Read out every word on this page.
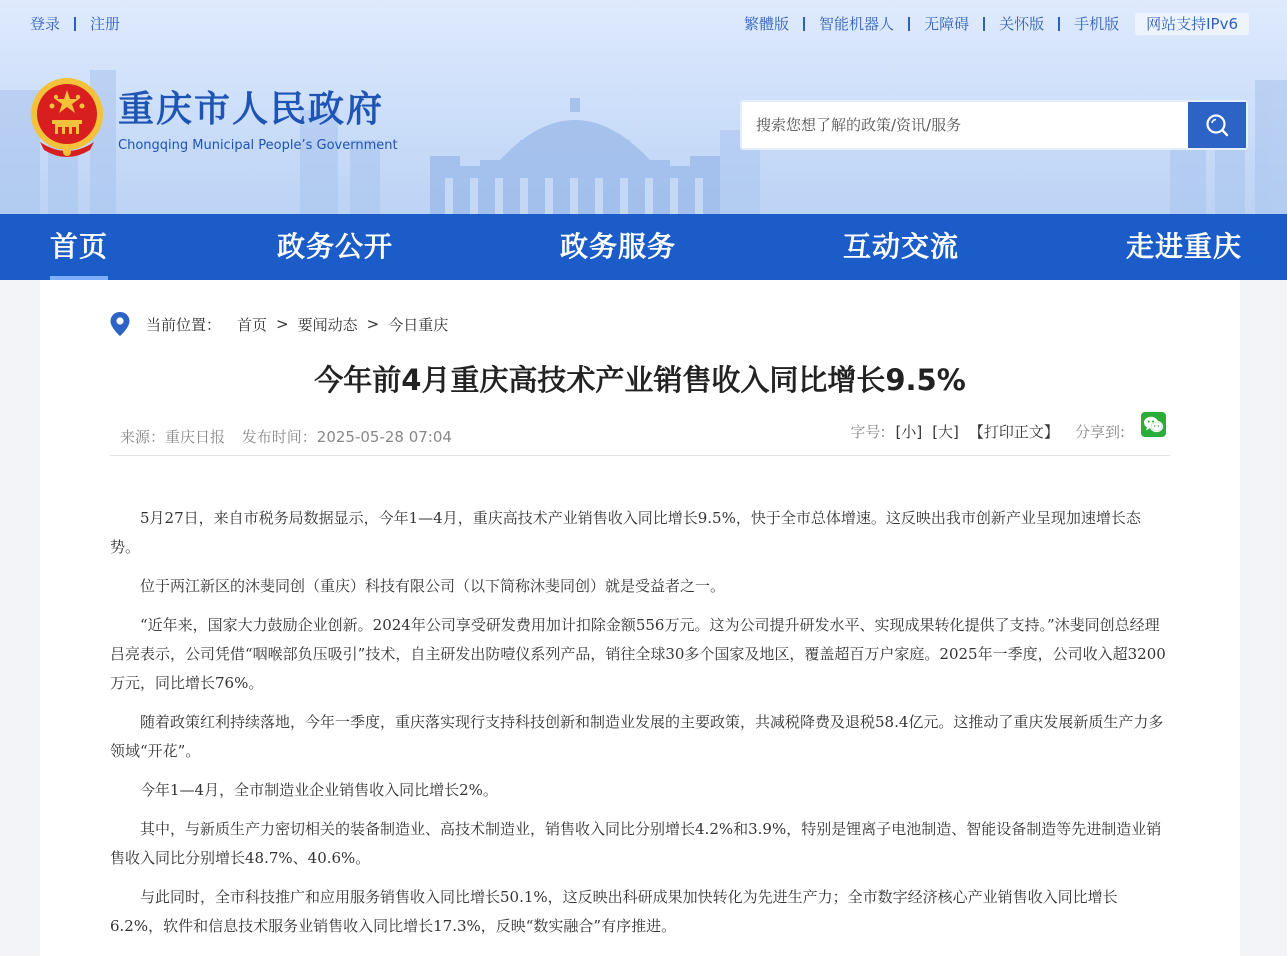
登录 注册	繁體版 智能机器人 无障碍 关怀版 手机版	网站支持IPv6
重庆市人民政府
Chongqing Municipal People’s Government
搜索您想了解的政策/资讯/服务
首页	政务公开	政务服务	互动交流	走进重庆
当前位置： 首页 > 要闻动态 > 今日重庆
今年前4月重庆高技术产业销售收入同比增长9.5%
来源：重庆日报 发布时间：2025-05-28 07:04	字号: [小] [大] 【打印正文】 分享到:

5月27日，来自市税务局数据显示，今年1—4月，重庆高技术产业销售收入同比增长9.5%，快于全市总体增速。这反映出我市创新产业呈现加速增长态势。

位于两江新区的沐斐同创（重庆）科技有限公司（以下简称沐斐同创）就是受益者之一。

“近年来，国家大力鼓励企业创新。2024年公司享受研发费用加计扣除金额556万元。这为公司提升研发水平、实现成果转化提供了支持。”沐斐同创总经理吕亮表示，公司凭借“咽喉部负压吸引”技术，自主研发出防噎仪系列产品，销往全球30多个国家及地区，覆盖超百万户家庭。2025年一季度，公司收入超3200万元，同比增长76%。

随着政策红利持续落地，今年一季度，重庆落实现行支持科技创新和制造业发展的主要政策，共减税降费及退税58.4亿元。这推动了重庆发展新质生产力多领域“开花”。

今年1—4月，全市制造业企业销售收入同比增长2%。

其中，与新质生产力密切相关的装备制造业、高技术制造业，销售收入同比分别增长4.2%和3.9%，特别是锂离子电池制造、智能设备制造等先进制造业销售收入同比分别增长48.7%、40.6%。

与此同时，全市科技推广和应用服务销售收入同比增长50.1%，这反映出科研成果加快转化为先进生产力；全市数字经济核心产业销售收入同比增长6.2%，软件和信息技术服务业销售收入同比增长17.3%，反映“数实融合”有序推进。
